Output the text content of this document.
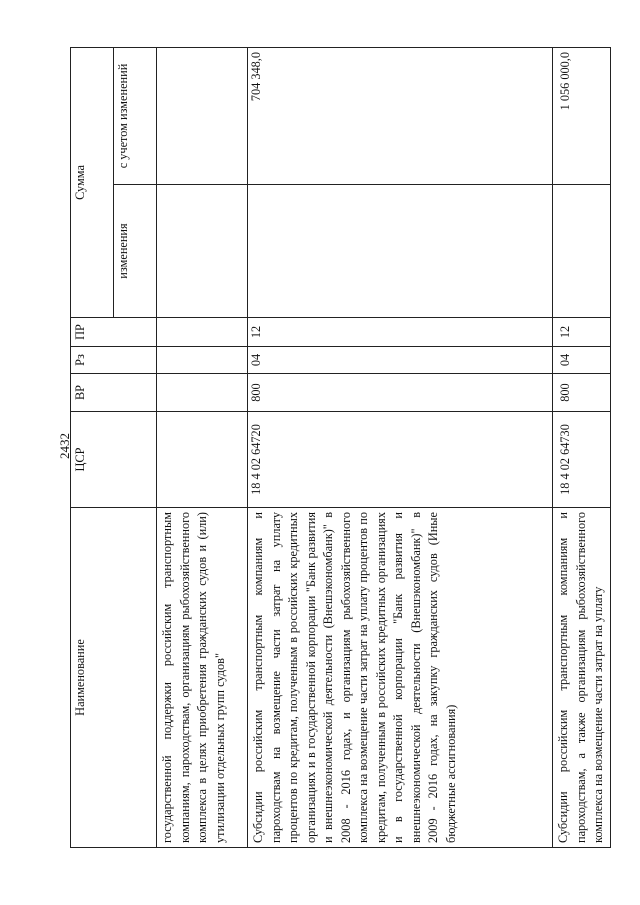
2432
Наименование	ЦСР	ВР	Рз	ПР	Сумма	
					изменения	с учетом изменений
государственной поддержки российским транспортным компаниям, пароходствам, организациям рыбохозяйственного комплекса в целях приобретения гражданских судов и (или) утилизации отдельных групп судов"						
Субсидии российским транспортным компаниям и пароходствам на возмещение части затрат на уплату процентов по кредитам, полученным в российских кредитных организациях и в государственной корпорации "Банк развития и внешнеэкономической деятельности (Внешэкономбанк)" в 2008 - 2016 годах, и организациям рыбохозяйственного комплекса на возмещение части затрат на уплату процентов по кредитам, полученным в российских кредитных организациях и в государственной корпорации "Банк развития и внешнеэкономической деятельности (Внешэкономбанк)" в 2009 - 2016 годах, на закупку гражданских судов (Иные бюджетные ассигнования)	18 4 02 64720	800	04	12		704 348,0
Субсидии российским транспортным компаниям и пароходствам, а также организациям рыбохозяйственного комплекса на возмещение части затрат на уплату	18 4 02 64730	800	04	12		1 056 000,0
